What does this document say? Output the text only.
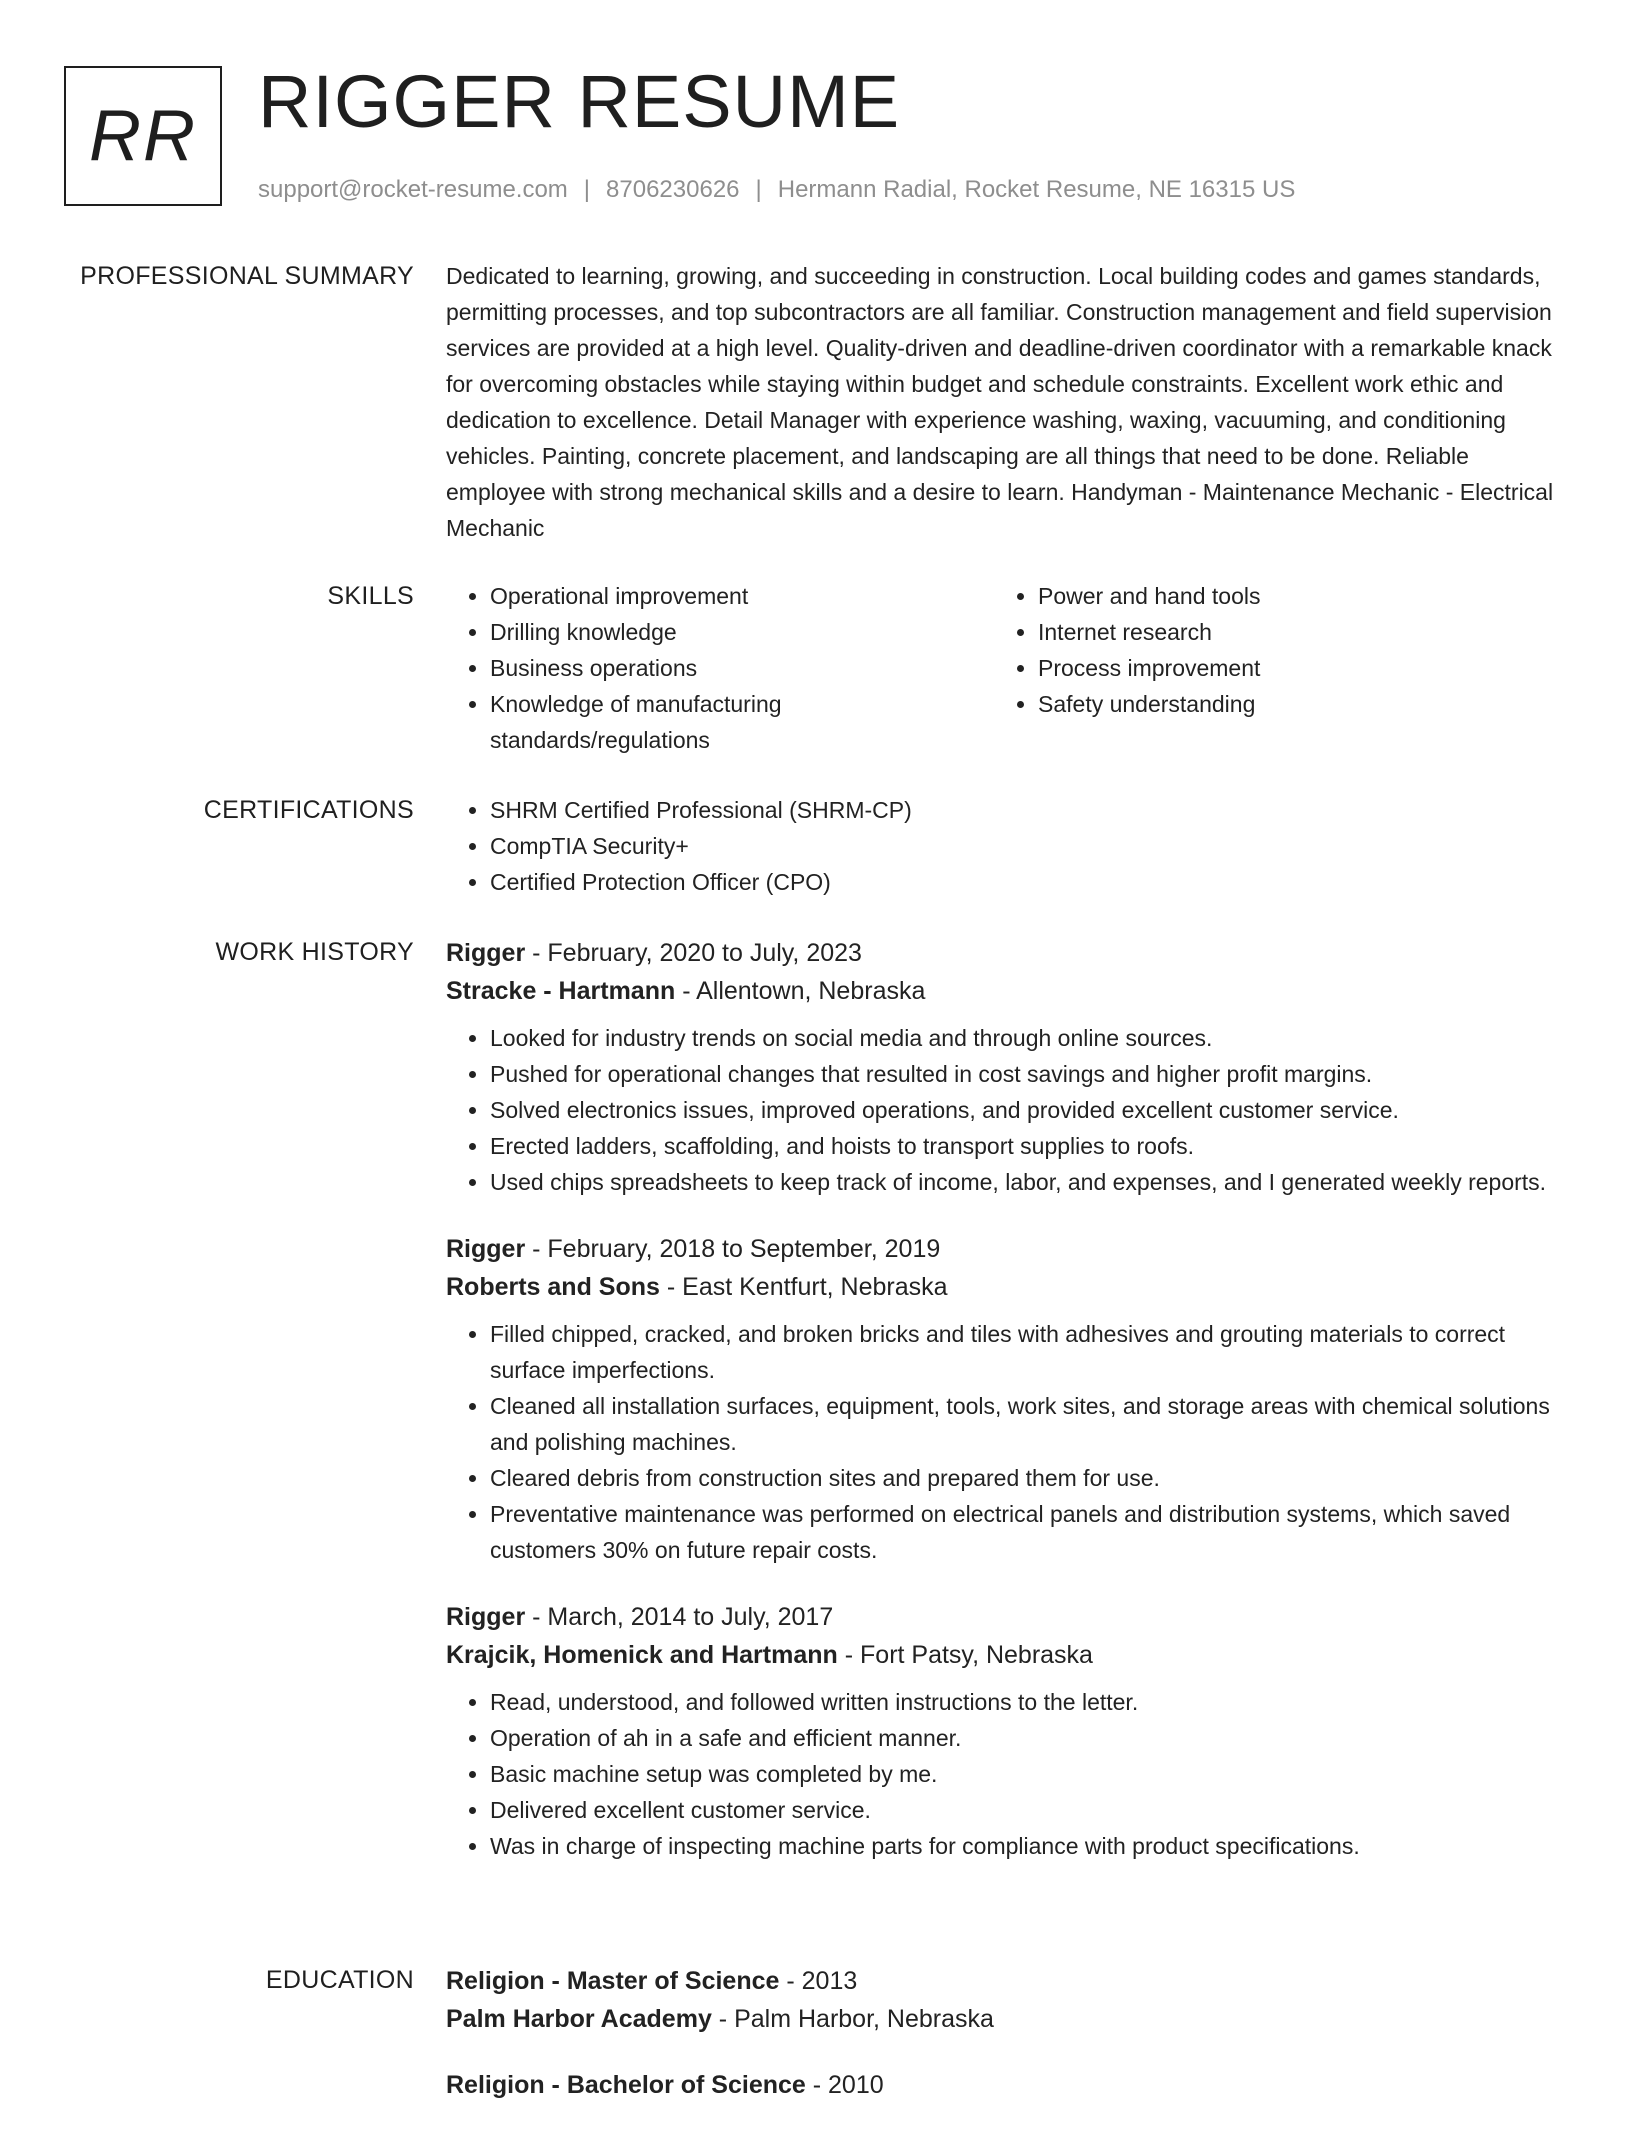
RR RIGGER RESUME
support@rocket-resume.com | 8706230626 | Hermann Radial, Rocket Resume, NE 16315 US
PROFESSIONAL SUMMARY Dedicated to learning, growing, and succeeding in construction. Local building codes and games standards, permitting processes, and top subcontractors are all familiar. Construction management and field supervision services are provided at a high level. Quality-driven and deadline-driven coordinator with a remarkable knack for overcoming obstacles while staying within budget and schedule constraints. Excellent work ethic and dedication to excellence. Detail Manager with experience washing, waxing, vacuuming, and conditioning vehicles. Painting, concrete placement, and landscaping are all things that need to be done. Reliable employee with strong mechanical skills and a desire to learn. Handyman - Maintenance Mechanic - Electrical Mechanic

SKILLS	• Operational improvement
• Drilling knowledge
• Business operations
• Knowledge of manufacturing standards/regulations
• Power and hand tools
• Internet research
• Process improvement
• Safety understanding
CERTIFICATIONS	• SHRM Certified Professional (SHRM-CP)
• CompTIA Security+
• Certified Protection Officer (CPO)
WORK HISTORY Rigger - February, 2020 to July, 2023
Stracke - Hartmann - Allentown, Nebraska
• Looked for industry trends on social media and through online sources.
• Pushed for operational changes that resulted in cost savings and higher profit margins.
• Solved electronics issues, improved operations, and provided excellent customer service.
• Erected ladders, scaffolding, and hoists to transport supplies to roofs.
• Used chips spreadsheets to keep track of income, labor, and expenses, and I generated weekly reports.
Rigger - February, 2018 to September, 2019
Roberts and Sons - East Kentfurt, Nebraska
• Filled chipped, cracked, and broken bricks and tiles with adhesives and grouting materials to correct surface imperfections.
• Cleaned all installation surfaces, equipment, tools, work sites, and storage areas with chemical solutions and polishing machines.
• Cleared debris from construction sites and prepared them for use.
• Preventative maintenance was performed on electrical panels and distribution systems, which saved customers 30% on future repair costs.
Rigger - March, 2014 to July, 2017
Krajcik, Homenick and Hartmann - Fort Patsy, Nebraska
• Read, understood, and followed written instructions to the letter.
• Operation of ah in a safe and efficient manner.
• Basic machine setup was completed by me.
• Delivered excellent customer service.
• Was in charge of inspecting machine parts for compliance with product specifications.
EDUCATION Religion - Master of Science - 2013
Palm Harbor Academy - Palm Harbor, Nebraska
Religion - Bachelor of Science - 2010
